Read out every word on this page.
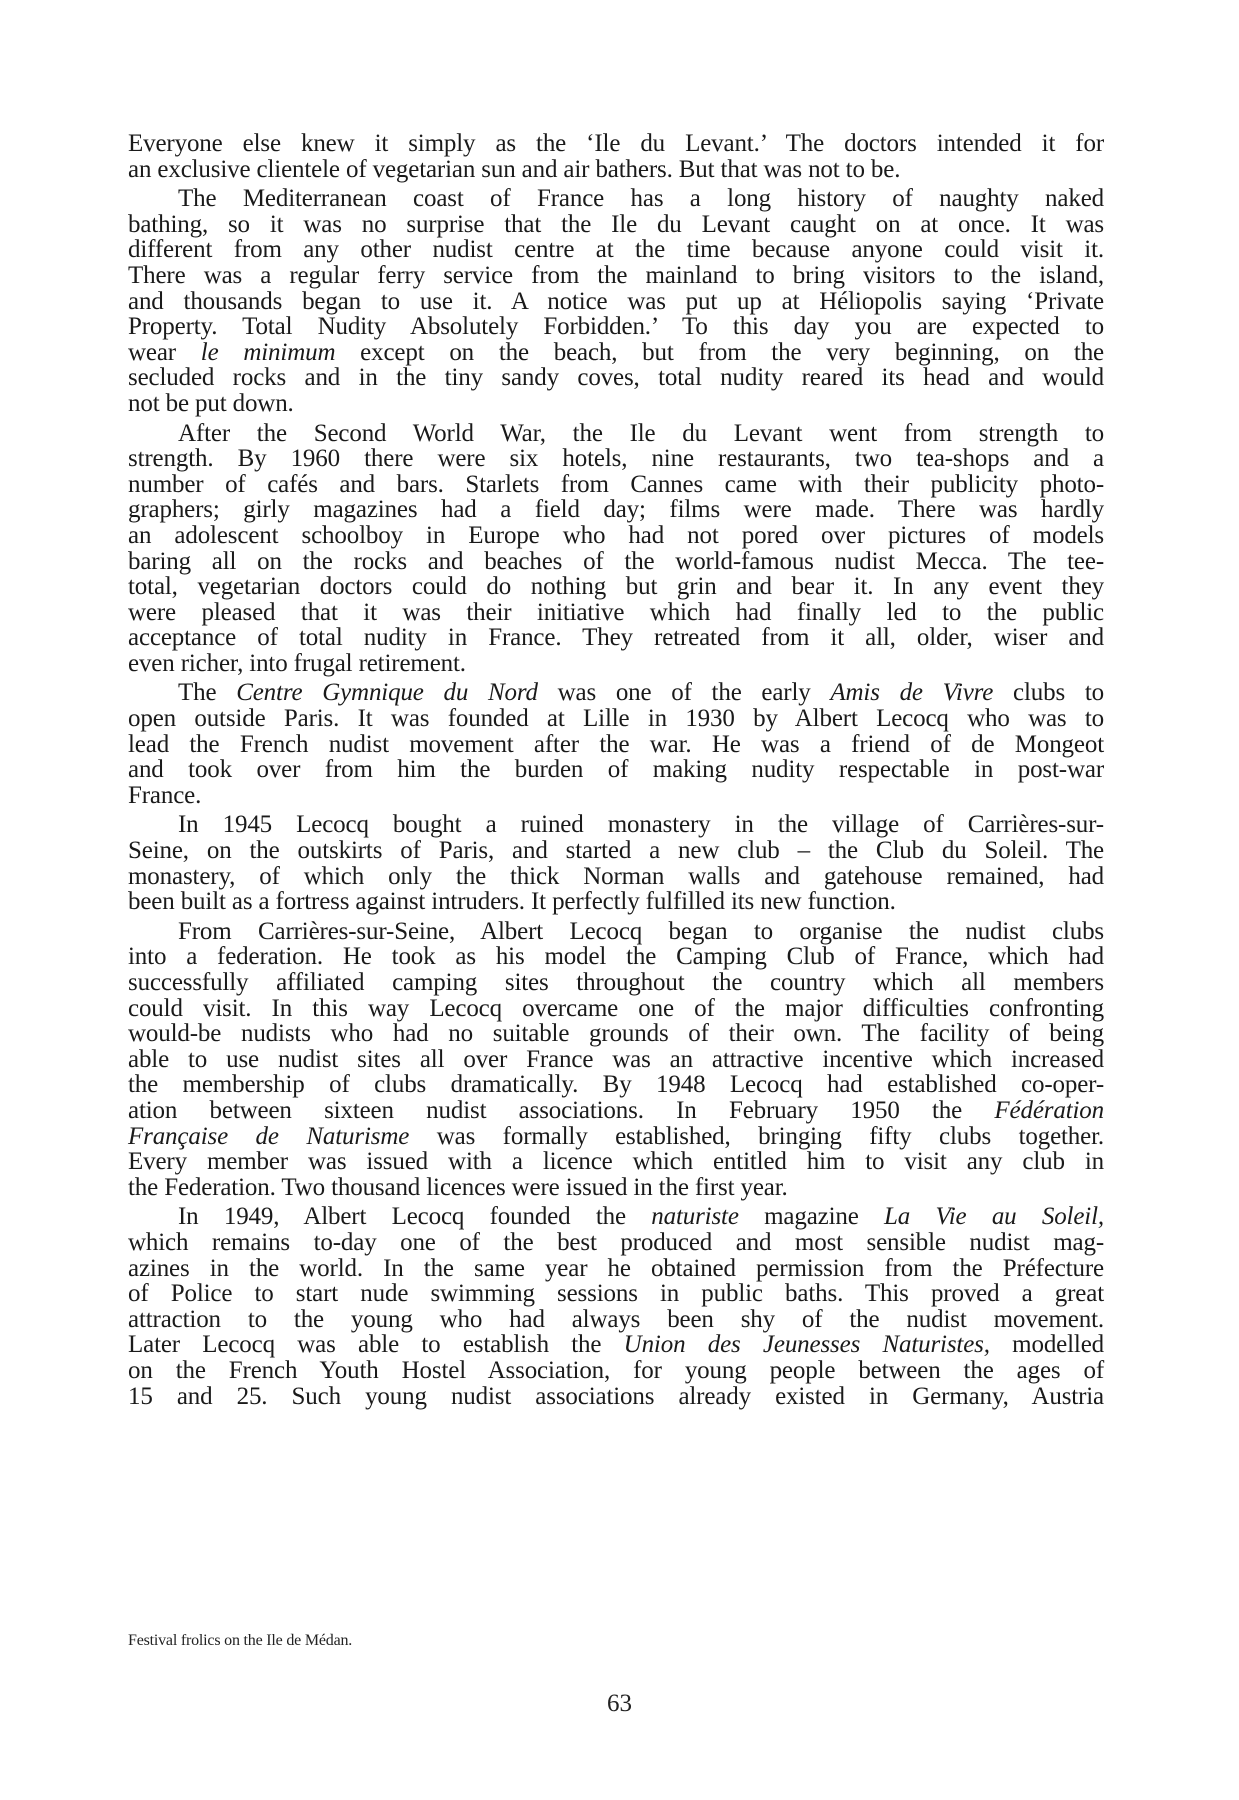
Everyone else knew it simply as the ‘Ile du Levant.’ The doctors intended it for
an exclusive clientele of vegetarian sun and air bathers. But that was not to be.
The Mediterranean coast of France has a long history of naughty naked
bathing, so it was no surprise that the Ile du Levant caught on at once. It was
different from any other nudist centre at the time because anyone could visit it.
There was a regular ferry service from the mainland to bring visitors to the island,
and thousands began to use it. A notice was put up at Héliopolis saying ‘Private
Property. Total Nudity Absolutely Forbidden.’ To this day you are expected to
wear le minimum except on the beach, but from the very beginning, on the
secluded rocks and in the tiny sandy coves, total nudity reared its head and would
not be put down.
After the Second World War, the Ile du Levant went from strength to
strength. By 1960 there were six hotels, nine restaurants, two tea-shops and a
number of cafés and bars. Starlets from Cannes came with their publicity photo-
graphers; girly magazines had a field day; films were made. There was hardly
an adolescent schoolboy in Europe who had not pored over pictures of models
baring all on the rocks and beaches of the world-famous nudist Mecca. The tee-
total, vegetarian doctors could do nothing but grin and bear it. In any event they
were pleased that it was their initiative which had finally led to the public
acceptance of total nudity in France. They retreated from it all, older, wiser and
even richer, into frugal retirement.
The Centre Gymnique du Nord was one of the early Amis de Vivre clubs to
open outside Paris. It was founded at Lille in 1930 by Albert Lecocq who was to
lead the French nudist movement after the war. He was a friend of de Mongeot
and took over from him the burden of making nudity respectable in post-war
France.
In 1945 Lecocq bought a ruined monastery in the village of Carrières-sur-
Seine, on the outskirts of Paris, and started a new club – the Club du Soleil. The
monastery, of which only the thick Norman walls and gatehouse remained, had
been built as a fortress against intruders. It perfectly fulfilled its new function.
From Carrières-sur-Seine, Albert Lecocq began to organise the nudist clubs
into a federation. He took as his model the Camping Club of France, which had
successfully affiliated camping sites throughout the country which all members
could visit. In this way Lecocq overcame one of the major difficulties confronting
would-be nudists who had no suitable grounds of their own. The facility of being
able to use nudist sites all over France was an attractive incentive which increased
the membership of clubs dramatically. By 1948 Lecocq had established co-oper-
ation between sixteen nudist associations. In February 1950 the Fédération
Française de Naturisme was formally established, bringing fifty clubs together.
Every member was issued with a licence which entitled him to visit any club in
the Federation. Two thousand licences were issued in the first year.
In 1949, Albert Lecocq founded the naturiste magazine La Vie au Soleil,
which remains to-day one of the best produced and most sensible nudist mag-
azines in the world. In the same year he obtained permission from the Préfecture
of Police to start nude swimming sessions in public baths. This proved a great
attraction to the young who had always been shy of the nudist movement.
Later Lecocq was able to establish the Union des Jeunesses Naturistes, modelled
on the French Youth Hostel Association, for young people between the ages of
15 and 25. Such young nudist associations already existed in Germany, Austria
Festival frolics on the Ile de Médan.
63
